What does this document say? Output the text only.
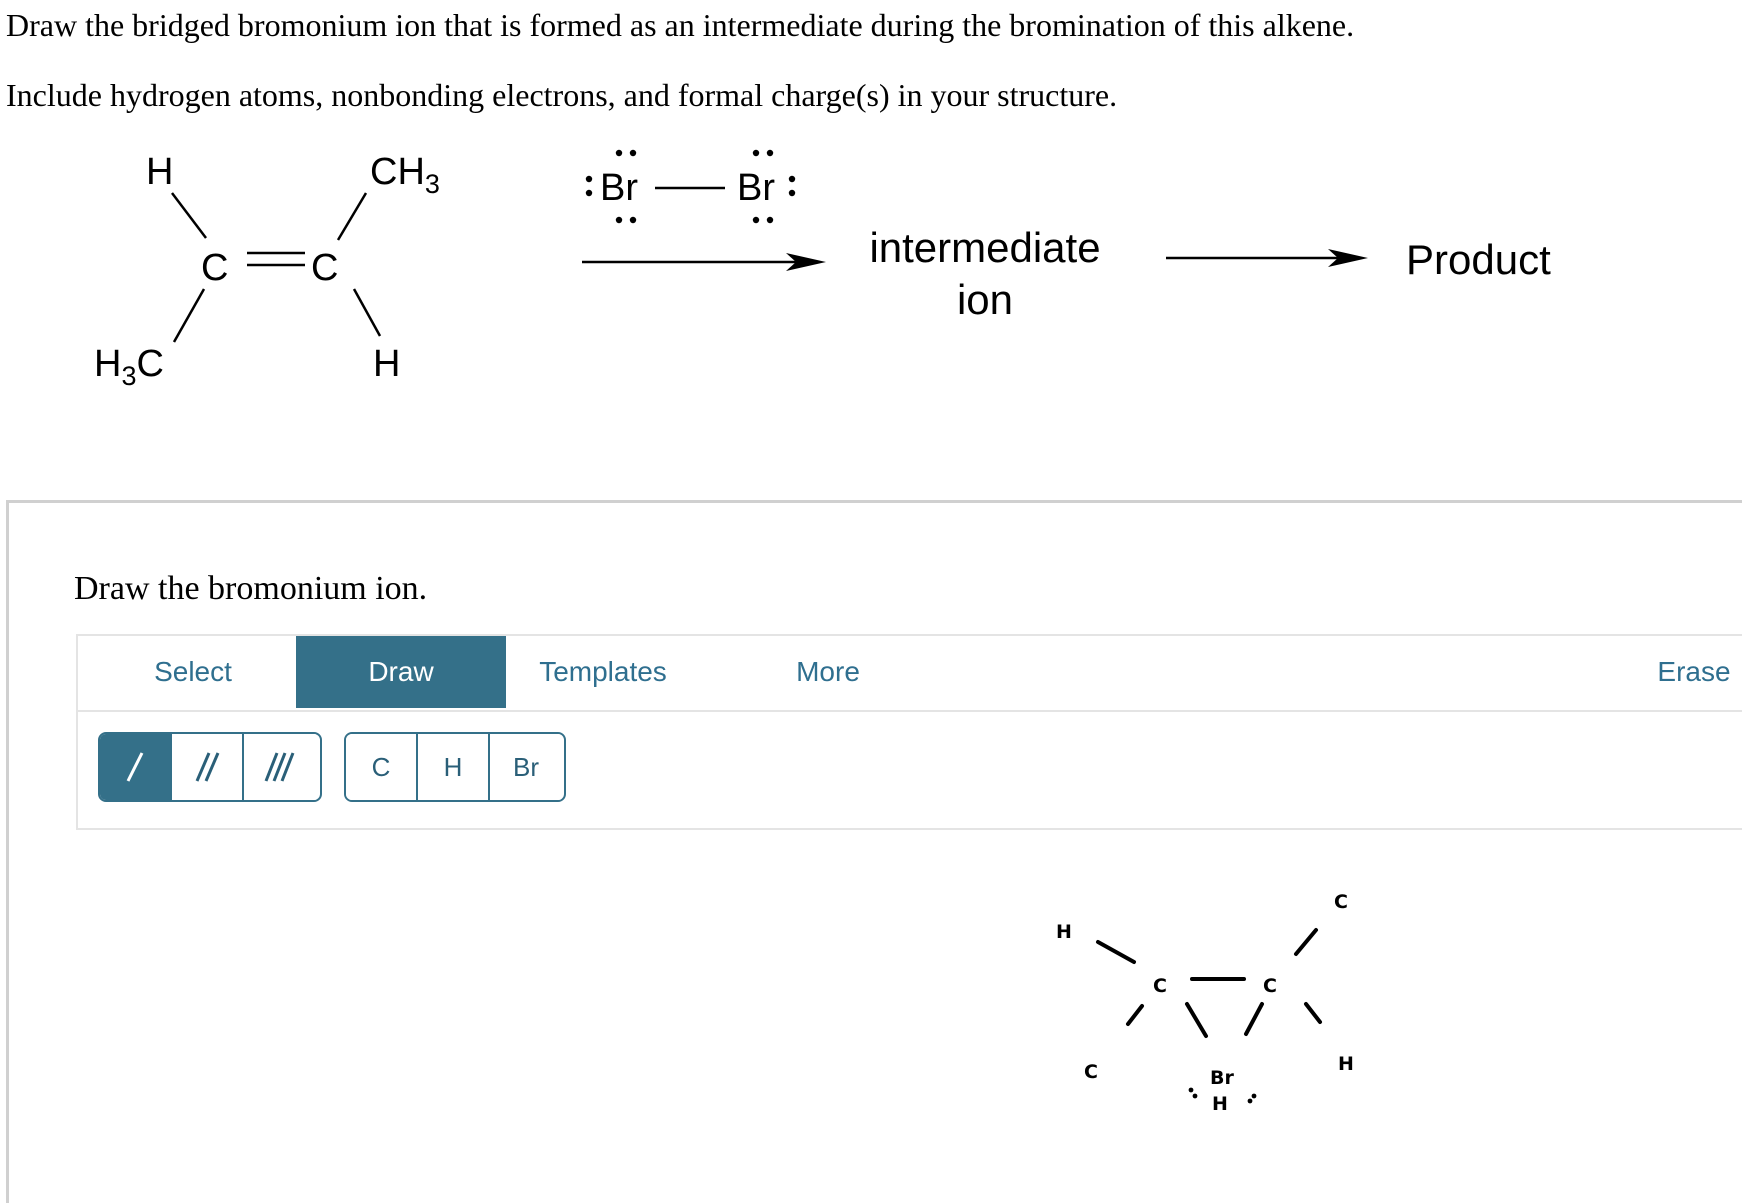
Draw the bridged bromonium ion that is formed as an intermediate during the bromination of this alkene.

Include hydrogen atoms, nonbonding electrons, and formal charge(s) in your structure.

H	$CH_3$
C C
$H_3C$	H
Br	Br
intermediate
ion
Product

Draw the bromonium ion.

Select	Draw	Templates	More	Erase
C	H	Br
H
C	C
C
C	H
Br
H
